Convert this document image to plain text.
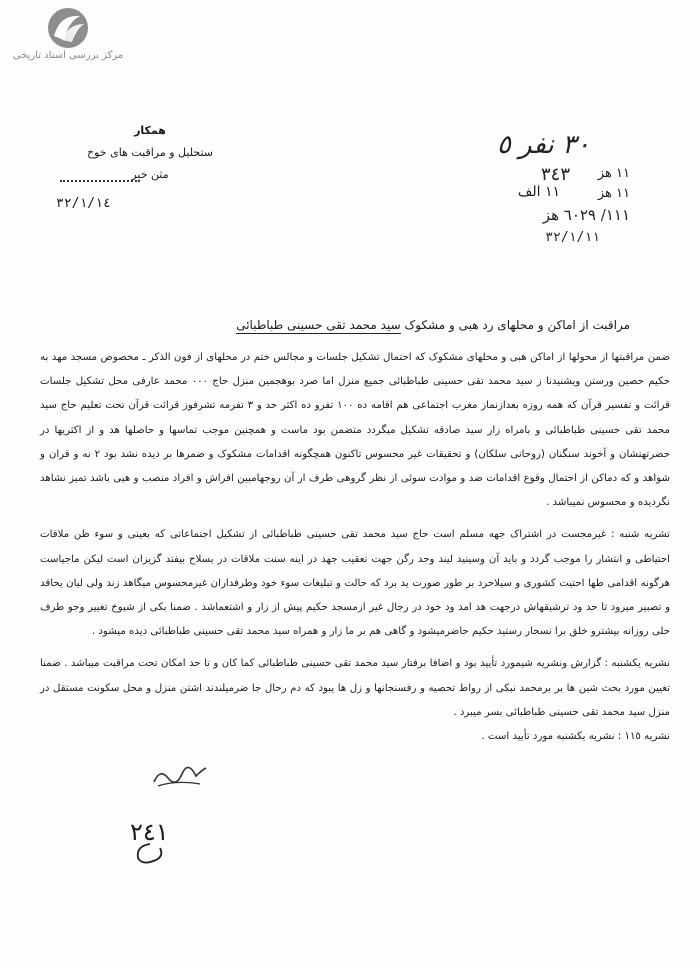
مرکز بررسی اسناد تاریخی
همکار
ستحلیل و مراقبت های خوخ
مثن خبر
٣٢/١/١٤
٣٠ نفر ٥
١١ هز
١١ هز
٣٤٣
١١ الف
١١١/ ٦٠٢٩ هز
٣٢/١/١١
مراقبت از اماکن و محلهای رد هبی و مشکوک سید محمد تقی حسینی طباطبائی

ضمن مراقبتها از محولها از اماکن هبی و محلهای مشکوک که احتمال تشکیل جلسات و مجالس ختم در محلهای از فون الذکر ـ مخصوص مسجد مهد به حکیم حصین ورستن ویشنیدنا ز سید محمد تقی حسینی طباطبائی جمیع منزل اما صرد بوهجمین منزل حاج ٠٠٠ محمد عارفی محل تشکیل جلسات قرائت و تفسیر قرآن که همه روزه بعدازنماز مغرب اجتماعی هم اقامه ده ١٠٠ تفرو ده اکثر حد و ٣ تفرمه تشرفوز قرائت قرآن تحت تعلیم حاج سید محمد تقی حسینی طباطبائی و بامراه زار سید صادقه تشکیل میگردد متضمن بود ماست و همچنین موجب تماسها و حاصلها هد و از اکثریها در حضرتهنشان و آخوند سنگنان (روحانی سلکان) و تحقیقات غیر محسوس تاکنون همچگونه اقدامات مشکوک و ضمرها بر دیده نشد بود ٢ نه و قران و شواهد و که دماکن از احتمال وقوع اقدامات ضد و موادت سوئی از نظر گروهی طرف ار آن روجهامبین افراش و افراد منصب و هبی باشد تمیز نشاهد نگردیده و محسوس نمیباشد .

تشریه شنبه : غیرمجست در اشتراک جهه مسلم است حاج سید محمد تقی حسینی طباطبائی از تشکیل اجتماعاتی که بعینی و سوء ظن ملاقات احتیاطی و انتشار را موجب گردد و باید آن وسینید لیند وجد رگن جهت تعقیب جهد در اینه سنت ملاقات در بسلاح بیفتد گزیزان است لیکن ماجیاست هرگونه اقدامی طها احتیت کشوری و سیلاحرد بر طور صورت ید برد که حالت و تبلیغات سوء خود وطرفداران غیرمحسوس میگاهد زند ولی لیان یحاقد و تصبیر میرود تا حد ود ترشیقهاش درجهت هد امد ود خود در رجال غیر ازمسجد حکیم پیش از زار و اشتعماشد . ضمنا بکی از شیوخ تغییر وجو طرف حلی روزانه بیشترو خلق برا نسحار رستید حکیم حاضرمیشود و گاهی هم بر ما زار و همراه سید محمد تقی حسینی طباطبائی دیده میشود .

نشریه یکشنبه : گزارش ونشریه شیمورد تأیید بود و اضافا برفتار سید محمد تقی حسینی طباطبائی کما کان و تا حد امکان تحت مراقبت میباشد . ضمنا تغیین مورد بحث شین ها بر برمحمد نبکی از رواط تحصیه و رفسنجانها و زل ها یبود که دم رحال جا ضرمیلندند اشتن منزل و محل سکونت مستقل در منزل سید محمد تقی حسینی طباطبائی بسر میبرد .

نشریه ١١٥ : نشریه یکشنبه مورد تأیید است .

٢٤١
